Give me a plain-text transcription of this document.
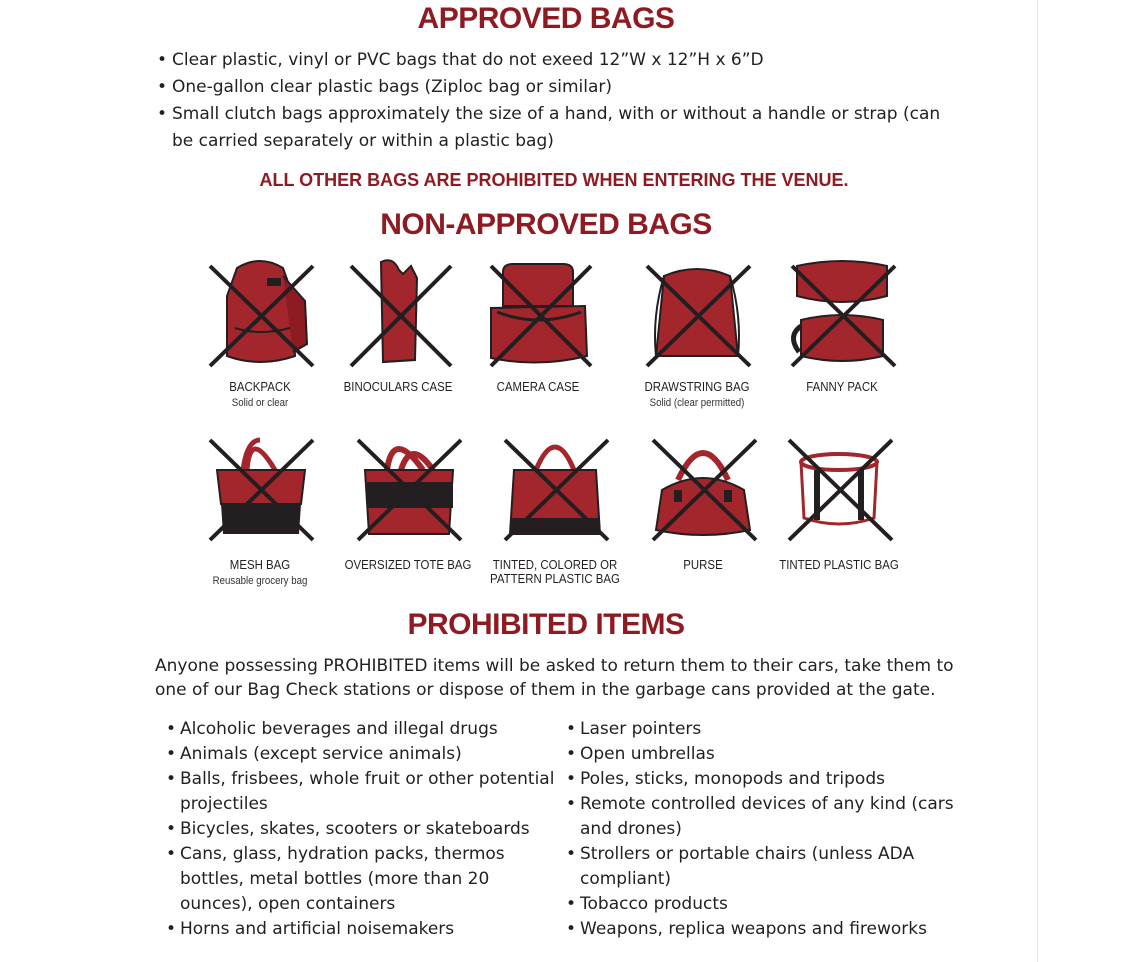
APPROVED BAGS
• Clear plastic, vinyl or PVC bags that do not exeed 12”W x 12”H x 6”D
• One-gallon clear plastic bags (Ziploc bag or similar)
• Small clutch bags approximately the size of a hand, with or without a handle or strap (can be carried separately or within a plastic bag)
ALL OTHER BAGS ARE PROHIBITED WHEN ENTERING THE VENUE.
NON-APPROVED BAGS
BACKPACK
Solid or clear
BINOCULARS CASE	CAMERA CASE	DRAWSTRING BAG
Solid (clear permitted)
FANNY PACK
MESH BAG
Reusable grocery bag
OVERSIZED TOTE BAG TINTED, COLORED OR PATTERN PLASTIC BAG
PURSE	TINTED PLASTIC BAG
PROHIBITED ITEMS

Anyone possessing PROHIBITED items will be asked to return them to their cars, take them to one of our Bag Check stations or dispose of them in the garbage cans provided at the gate.

• Alcoholic beverages and illegal drugs
• Animals (except service animals)
• Balls, frisbees, whole fruit or other potential projectiles
• Bicycles, skates, scooters or skateboards
• Cans, glass, hydration packs, thermos bottles, metal bottles (more than 20 ounces), open containers
• Horns and artificial noisemakers
• Laser pointers
• Open umbrellas
• Poles, sticks, monopods and tripods
• Remote controlled devices of any kind (cars and drones)
• Strollers or portable chairs (unless ADA compliant)
• Tobacco products
• Weapons, replica weapons and fireworks
